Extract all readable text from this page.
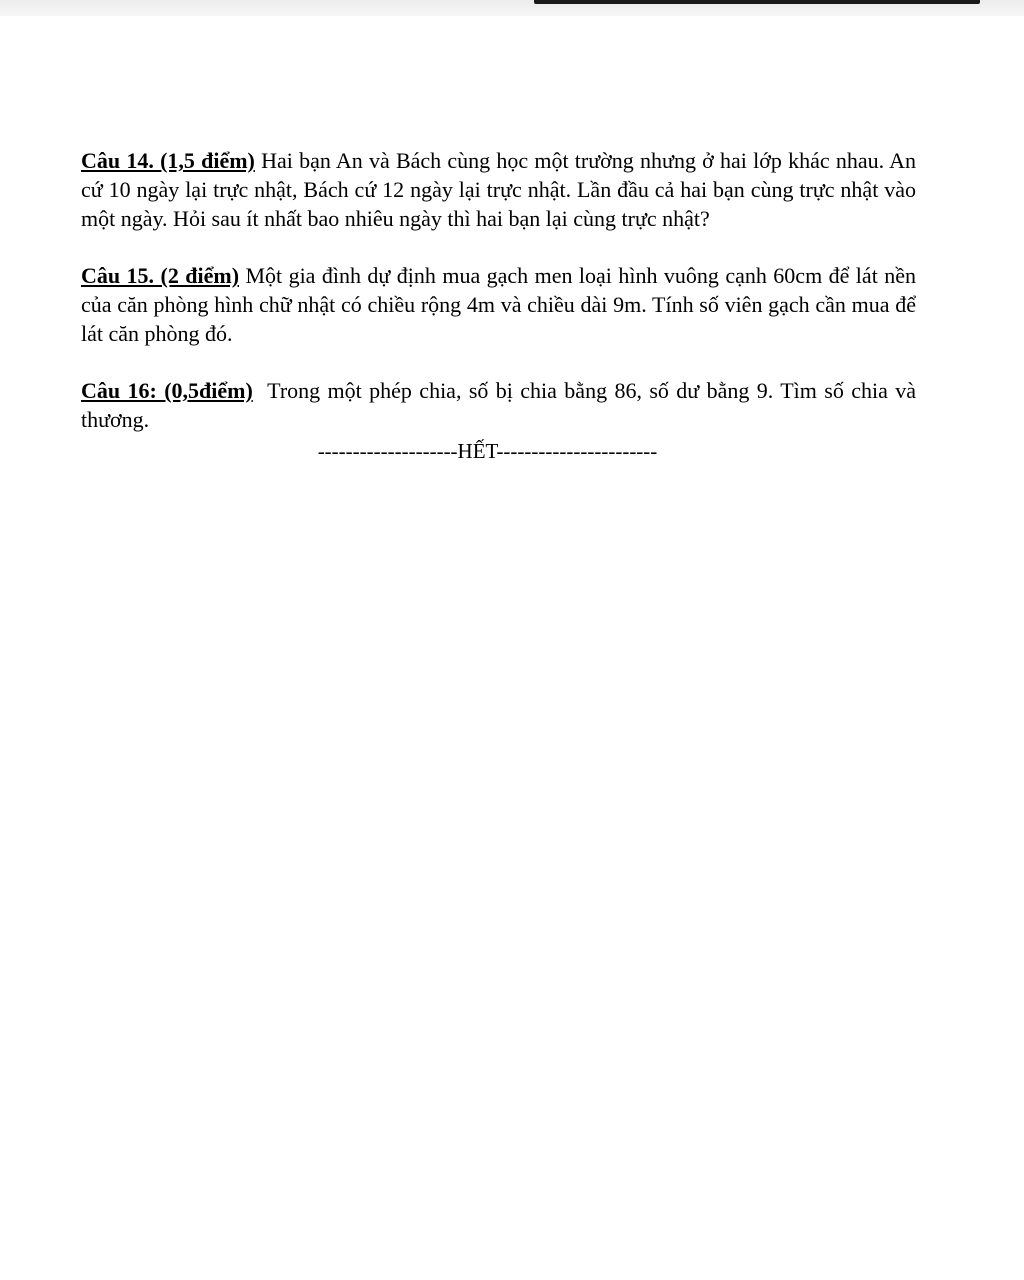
Câu 14. (1,5 điểm) Hai bạn An và Bách cùng học một trường nhưng ở hai lớp khác nhau. An cứ 10 ngày lại trực nhật, Bách cứ 12 ngày lại trực nhật. Lần đầu cả hai bạn cùng trực nhật vào một ngày. Hỏi sau ít nhất bao nhiêu ngày thì hai bạn lại cùng trực nhật?

Câu 15. (2 điểm) Một gia đình dự định mua gạch men loại hình vuông cạnh 60cm để lát nền của căn phòng hình chữ nhật có chiều rộng 4m và chiều dài 9m. Tính số viên gạch cần mua để lát căn phòng đó.

Câu 16: (0,5điểm)  Trong một phép chia, số bị chia bằng 86, số dư bằng 9. Tìm số chia và thương.

--------------------HẾT-----------------------
